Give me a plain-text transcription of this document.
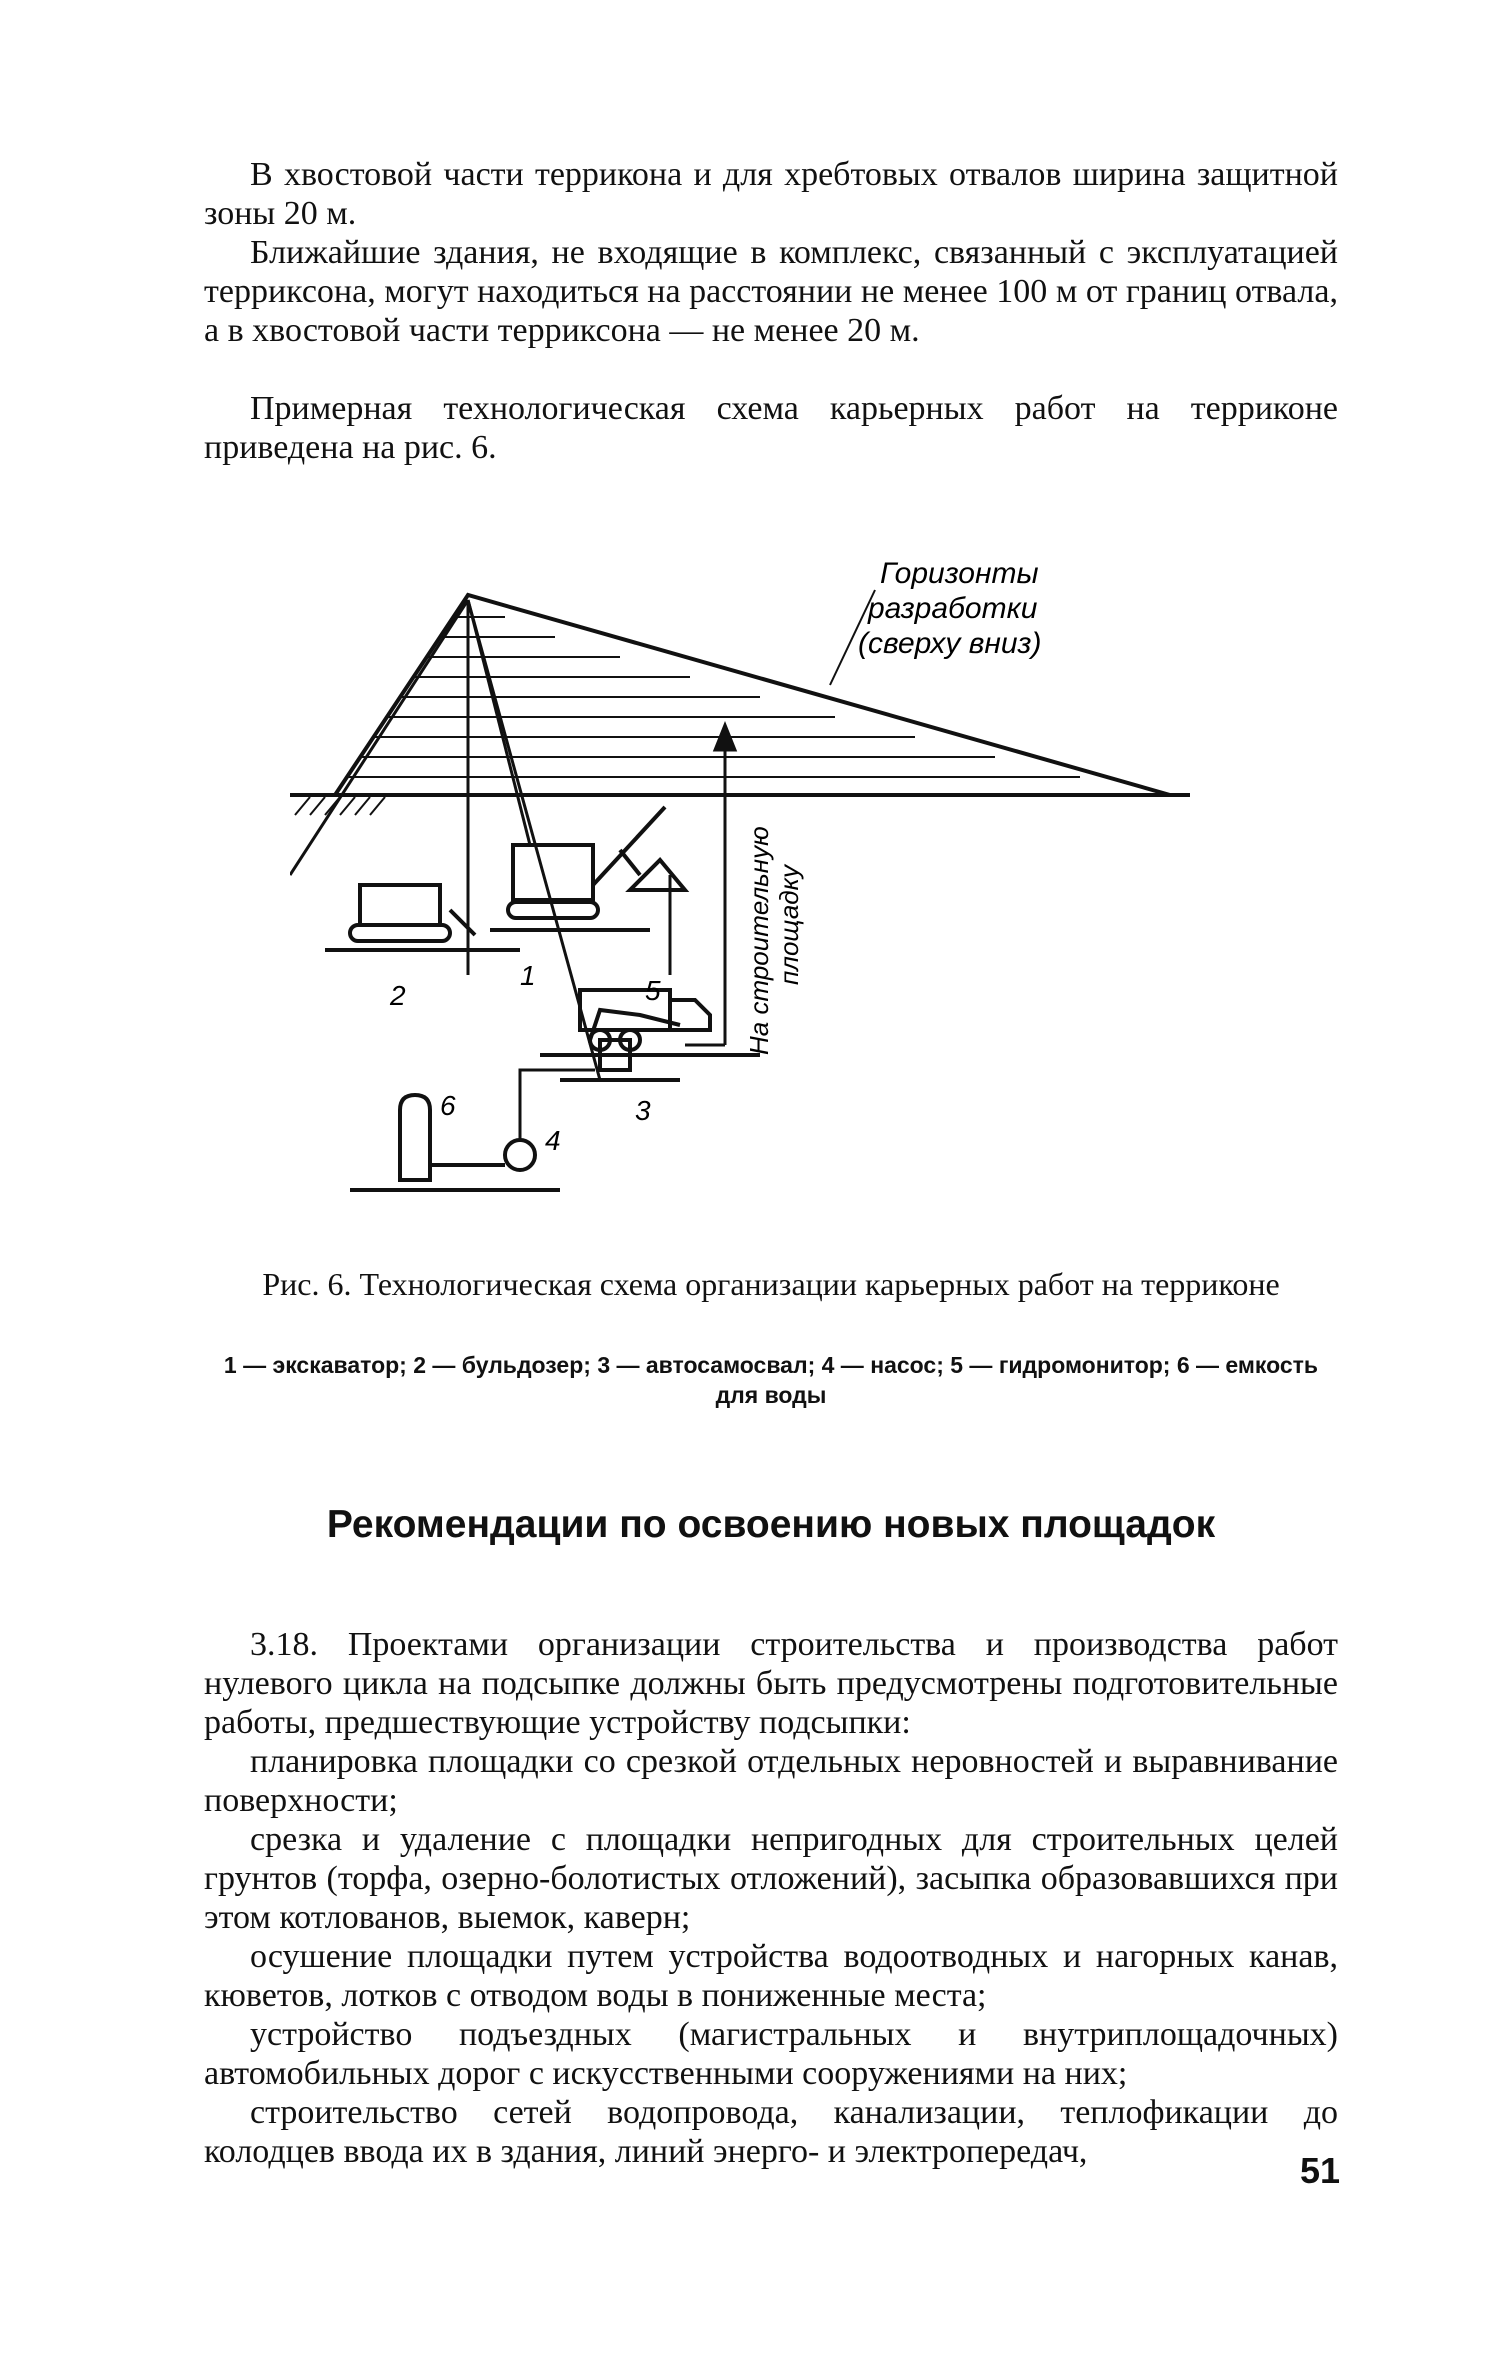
В хвостовой части террикона и для хребтовых отвалов ширина защитной зоны 20 м.

Ближайшие здания, не входящие в комплекс, связанный с эксплуатацией терриксона, могут находиться на расстоянии не менее 100 м от границ отвала, а в хвостовой части терриксона — не менее 20 м.

Примерная технологическая схема карьерных работ на терриконе приведена на рис. 6.

Горизонты
разработки
(сверху вниз)
1	На строительную площадку
3
2	5
6
4
Рис. 6. Технологическая схема организации карьерных работ на терриконе
1 — экскаватор; 2 — бульдозер; 3 — автосамосвал; 4 — насос; 5 — гидромонитор; 6 — емкость для воды
Рекомендации по освоению новых площадок

3.18. Проектами организации строительства и производства работ нулевого цикла на подсыпке должны быть предусмотрены подготовительные работы, предшествующие устройству подсыпки:

планировка площадки со срезкой отдельных неровностей и выравнивание поверхности;

срезка и удаление с площадки непригодных для строительных целей грунтов (торфа, озерно-болотистых отложений), засыпка образовавшихся при этом котлованов, выемок, каверн;

осушение площадки путем устройства водоотводных и нагорных канав, кюветов, лотков с отводом воды в пониженные места;

устройство подъездных (магистральных и внутриплощадочных) автомобильных дорог с искусственными сооружениями на них;

строительство сетей водопровода, канализации, теплофикации до колодцев ввода их в здания, линий энерго- и электропередач,	51
